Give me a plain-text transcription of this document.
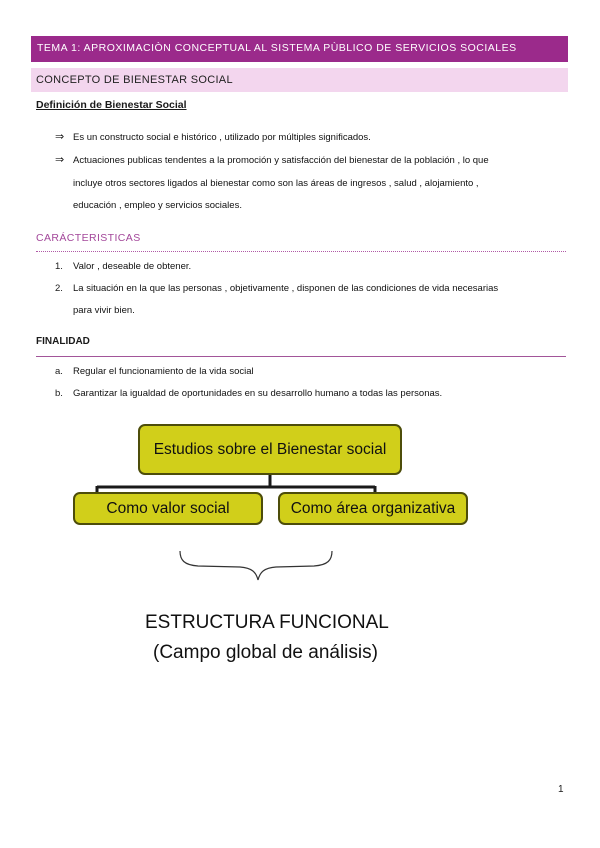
TEMA 1: APROXIMACIÒN CONCEPTUAL AL SISTEMA PÙBLICO DE SERVICIOS SOCIALES
CONCEPTO DE BIENESTAR SOCIAL
Definición de Bienestar Social
⇒ Es un constructo social e histórico , utilizado por múltiples significados.
⇒ Actuaciones publicas tendentes a la promoción y satisfacción del bienestar de la población , lo que
incluye otros sectores ligados al bienestar como son las áreas de ingresos , salud , alojamiento ,
educación , empleo y servicios sociales.
CARÁCTERISTICAS
1. Valor , deseable de obtener.
2. La situación en la que las personas , objetivamente , disponen de las condiciones de vida necesarias
para vivir bien.
FINALIDAD
a. Regular el funcionamiento de la vida social
b. Garantizar la igualdad de oportunidades en su desarrollo humano a todas las personas.
Estudios sobre el Bienestar social
Como valor social	Como área organizativa
ESTRUCTURA FUNCIONAL
(Campo global de análisis)
1
